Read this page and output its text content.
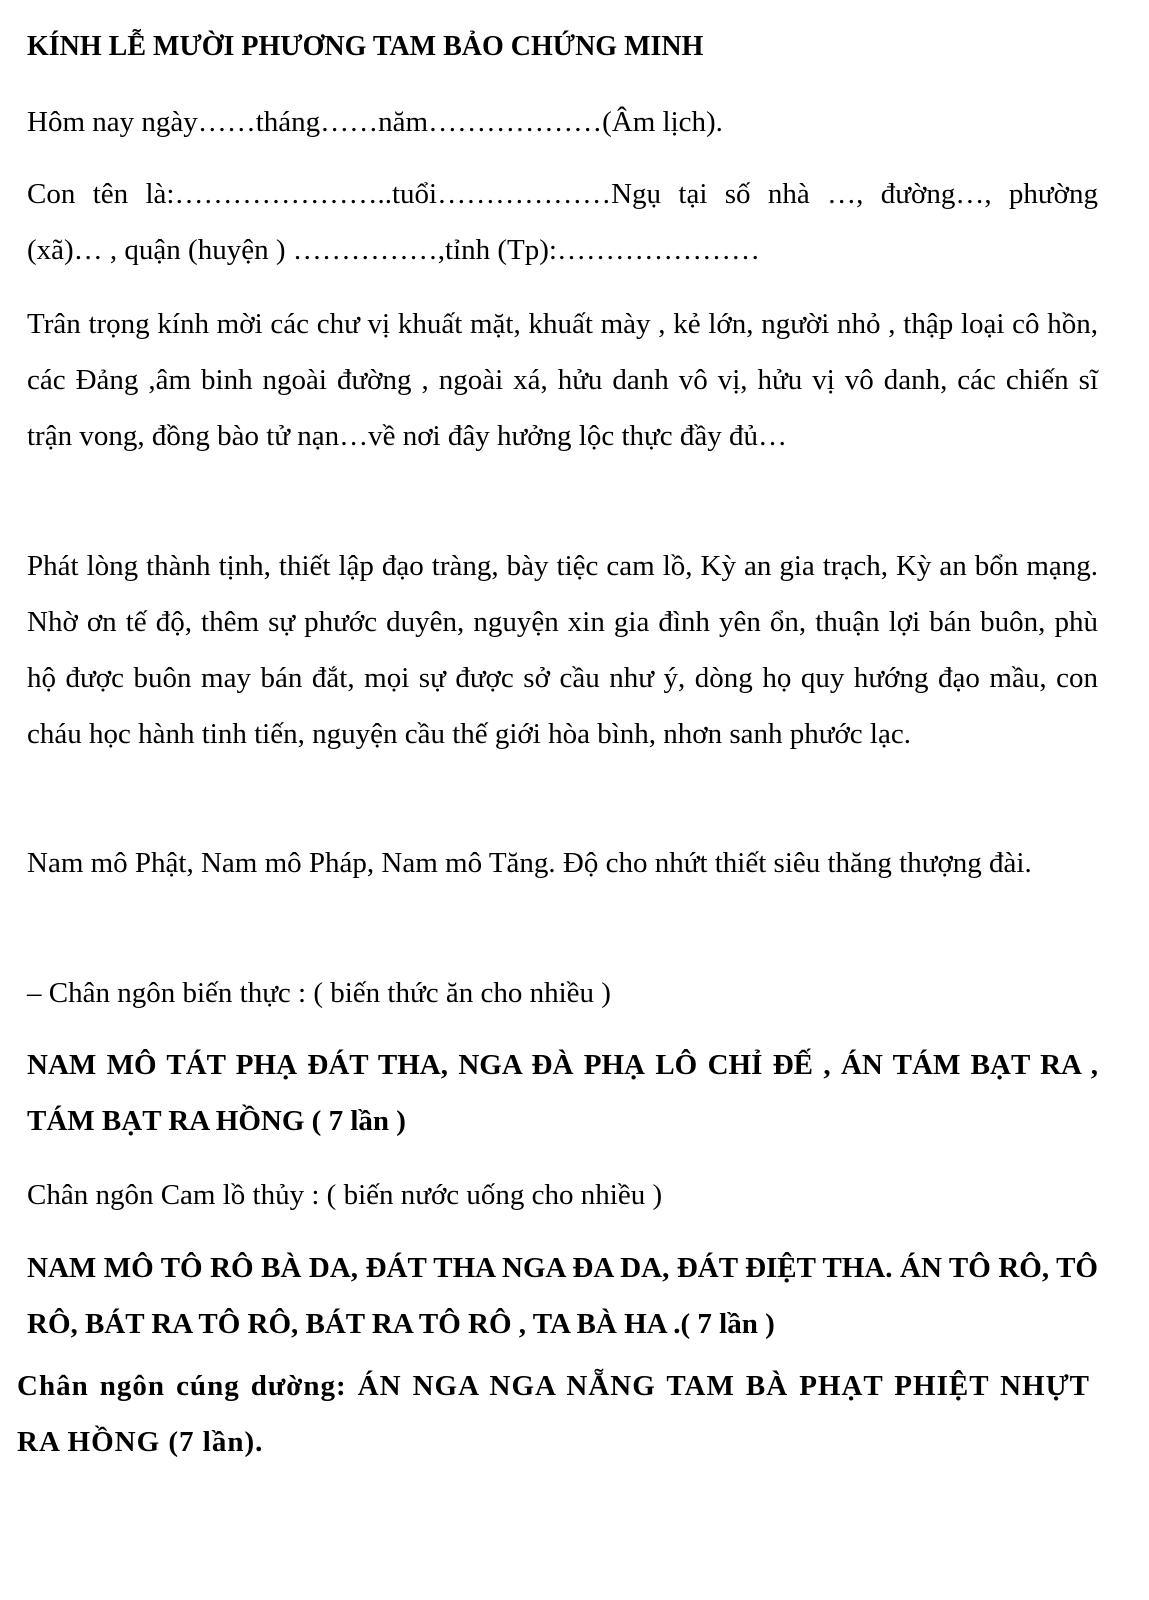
KÍNH LỄ MƯỜI PHƯƠNG TAM BẢO CHỨNG MINH

Hôm nay ngày……tháng……năm………………(Âm lịch).

Con tên là:…………………..tuổi………………Ngụ tại số nhà …, đường…, phường (xã)… , quận (huyện ) ……………,tỉnh (Tp):…………………

Trân trọng kính mời các chư vị khuất mặt, khuất mày , kẻ lớn, người nhỏ , thập loại cô hồn, các Đảng ,âm binh ngoài đường , ngoài xá, hửu danh vô vị, hửu vị vô danh, các chiến sĩ trận vong, đồng bào tử nạn…về nơi đây hưởng lộc thực đầy đủ…

Phát lòng thành tịnh, thiết lập đạo tràng, bày tiệc cam lồ, Kỳ an gia trạch, Kỳ an bổn mạng. Nhờ ơn tế độ, thêm sự phước duyên, nguyện xin gia đình yên ổn, thuận lợi bán buôn, phù hộ được buôn may bán đắt, mọi sự được sở cầu như ý, dòng họ quy hướng đạo mầu, con cháu học hành tinh tiến, nguyện cầu thế giới hòa bình, nhơn sanh phước lạc.

Nam mô Phật, Nam mô Pháp, Nam mô Tăng. Độ cho nhứt thiết siêu thăng thượng đài.

– Chân ngôn biến thực : ( biến thức ăn cho nhiều )

NAM MÔ TÁT PHẠ ĐÁT THA, NGA ĐÀ PHẠ LÔ CHỈ ĐẾ , ÁN TÁM BẠT RA , TÁM BẠT RA HỒNG ( 7 lần )

Chân ngôn Cam lồ thủy : ( biến nước uống cho nhiều )

NAM MÔ TÔ RÔ BÀ DA, ĐÁT THA NGA ĐA DA, ĐÁT ĐIỆT THA. ÁN TÔ RÔ, TÔ RÔ, BÁT RA TÔ RÔ, BÁT RA TÔ RÔ , TA BÀ HA .( 7 lần )

Chân ngôn cúng dường: ÁN NGA NGA NẴNG TAM BÀ PHẠT PHIỆT NHỰT RA HỒNG (7 lần).
